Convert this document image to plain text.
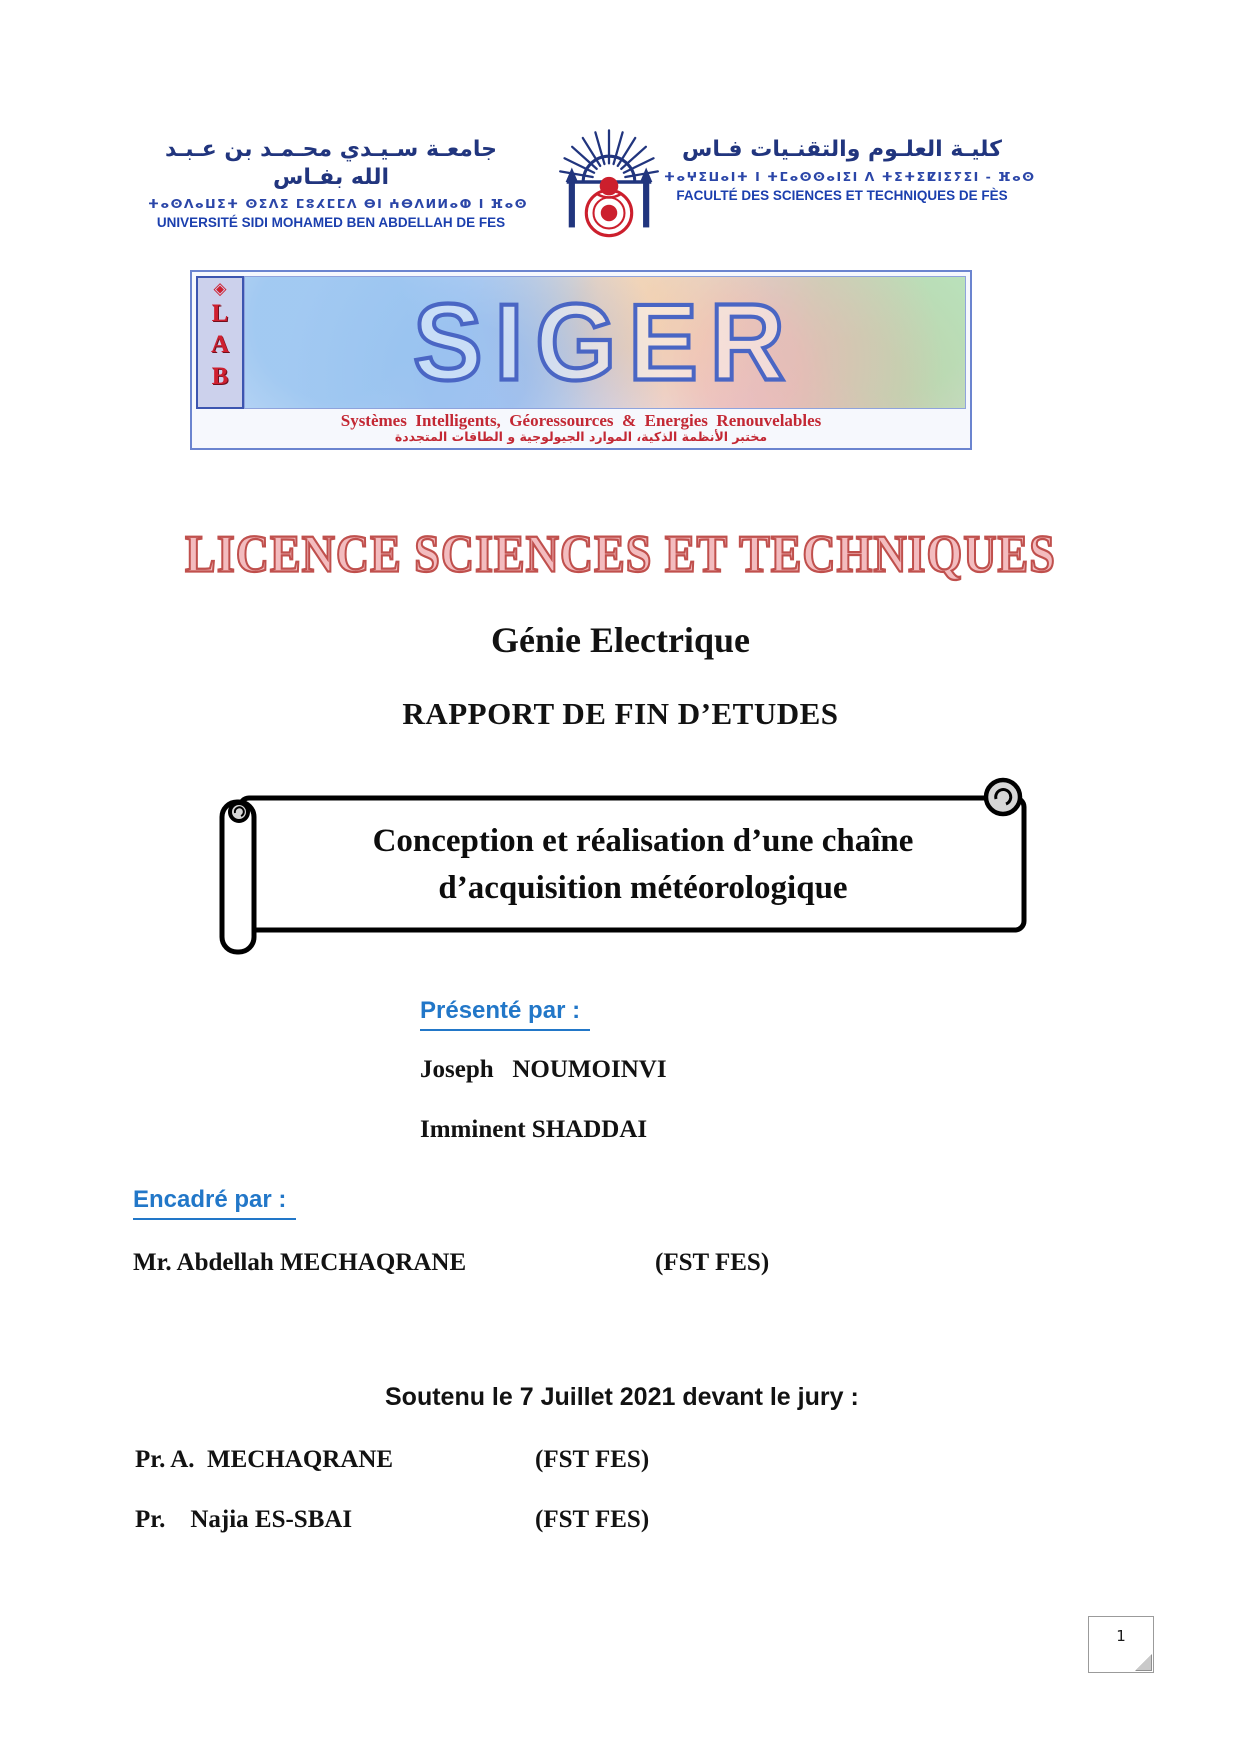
جامعـة سـيـدي محـمـد بن عـبـد الله بفـاس
ⵜⴰⵙⴷⴰⵡⵉⵜ ⵙⵉⴷⵉ ⵎⵓⵃⵎⵎⴷ ⴱⵏ ⵄⴱⴷⵍⵍⴰⵀ ⵏ ⴼⴰⵙ
UNIVERSITÉ SIDI MOHAMED BEN ABDELLAH DE FES
كليـة العلـوم والتقنـيات فـاس
ⵜⴰⵖⵉⵡⴰⵏⵜ ⵏ ⵜⵎⴰⵙⵙⴰⵏⵉⵏ ⴷ ⵜⵉⵜⵉⵇⵏⵉⵢⵉⵏ - ⴼⴰⵙ
FACULTÉ DES SCIENCES ET TECHNIQUES DE FÈS
◈
L
A
B SIGER
Systèmes  Intelligents,  Géoressources  &  Energies  Renouvelables
مختبر الأنظمة الذكية، الموارد الجيولوجية و الطاقات المتجددة
LICENCE SCIENCES ET TECHNIQUES
Génie Electrique
RAPPORT DE FIN D’ETUDES
Conception et réalisation d’une chaîne
d’acquisition météorologique
Présenté par :
Joseph   NOUMOINVI
Imminent SHADDAI
Encadré par :
Mr. Abdellah MECHAQRANE	(FST FES)
Soutenu le 7 Juillet 2021 devant le jury :
Pr. A.  MECHAQRANE	(FST FES)
Pr.    Najia ES-SBAI	(FST FES)
1
